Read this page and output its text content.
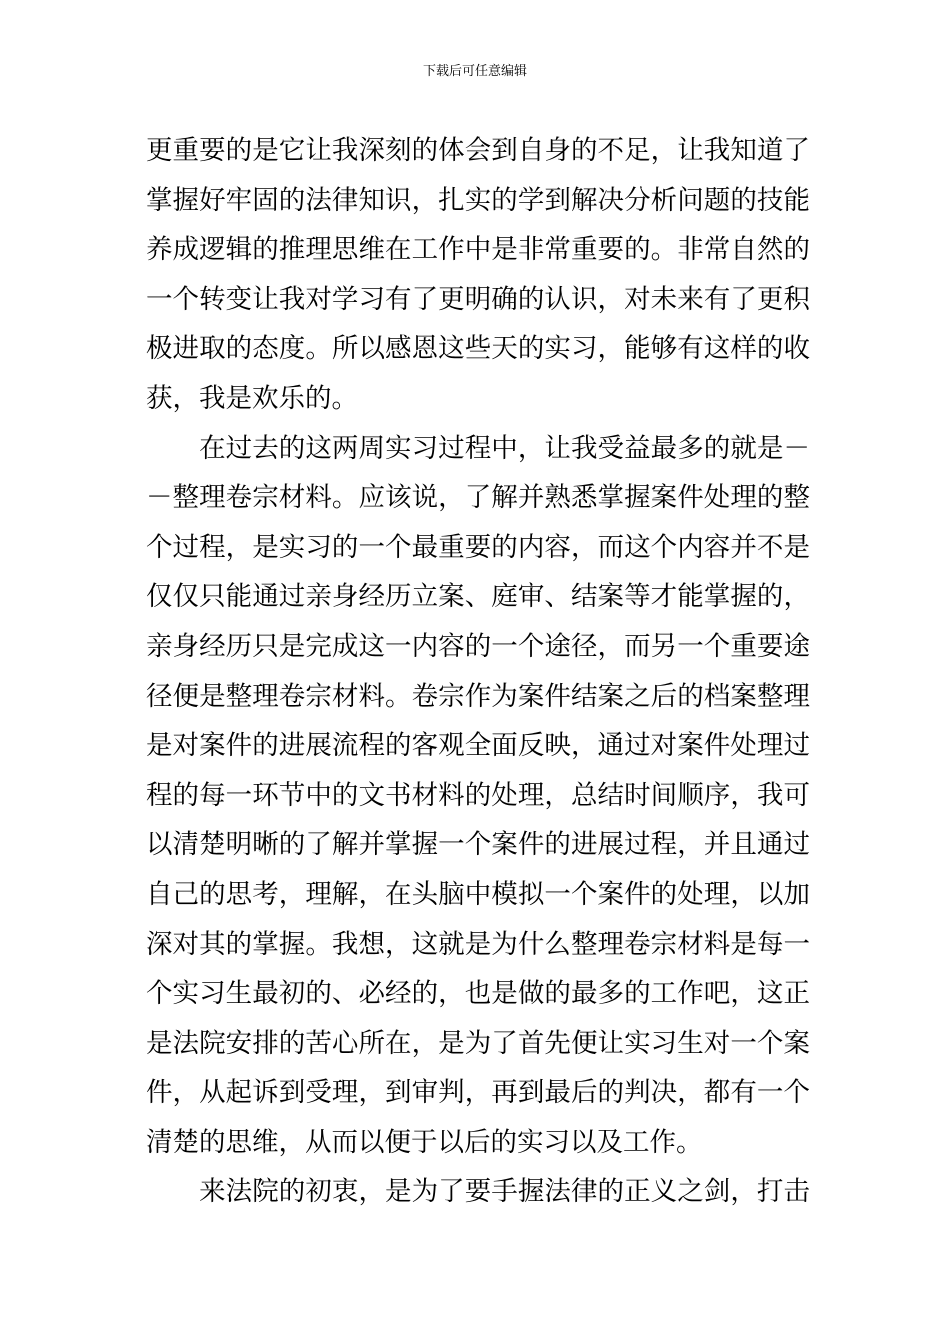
下载后可任意编辑
更重要的是它让我深刻的体会到自身的不足，让我知道了
掌握好牢固的法律知识，扎实的学到解决分析问题的技能
养成逻辑的推理思维在工作中是非常重要的。非常自然的
一个转变让我对学习有了更明确的认识，对未来有了更积
极进取的态度。所以感恩这些天的实习，能够有这样的收
获，我是欢乐的。
　　在过去的这两周实习过程中，让我受益最多的就是－
－整理卷宗材料。应该说，了解并熟悉掌握案件处理的整
个过程，是实习的一个最重要的内容，而这个内容并不是
仅仅只能通过亲身经历立案、庭审、结案等才能掌握的，
亲身经历只是完成这一内容的一个途径，而另一个重要途
径便是整理卷宗材料。卷宗作为案件结案之后的档案整理
是对案件的进展流程的客观全面反映，通过对案件处理过
程的每一环节中的文书材料的处理，总结时间顺序，我可
以清楚明晰的了解并掌握一个案件的进展过程，并且通过
自己的思考，理解，在头脑中模拟一个案件的处理，以加
深对其的掌握。我想，这就是为什么整理卷宗材料是每一
个实习生最初的、必经的，也是做的最多的工作吧，这正
是法院安排的苦心所在，是为了首先便让实习生对一个案
件，从起诉到受理，到审判，再到最后的判决，都有一个
清楚的思维，从而以便于以后的实习以及工作。
　　来法院的初衷，是为了要手握法律的正义之剑，打击
